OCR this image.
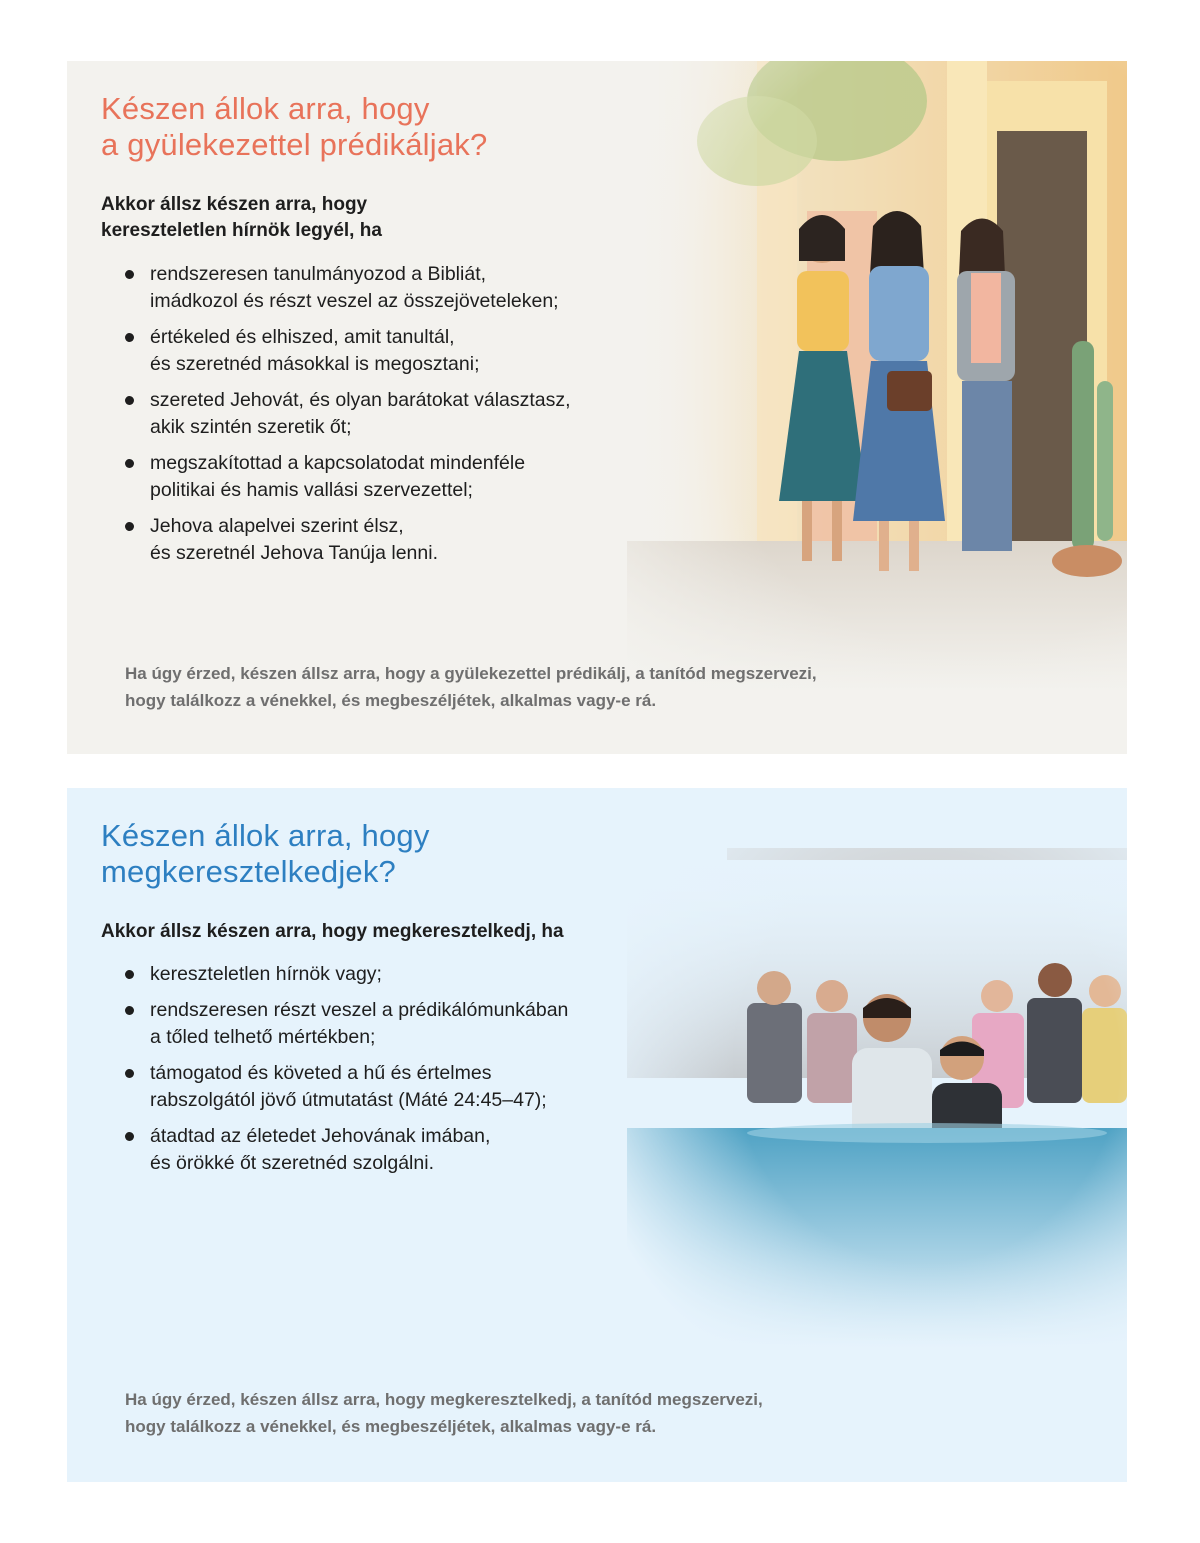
Készen állok arra, hogy
a gyülekezettel prédikáljak?

Akkor állsz készen arra, hogy
kereszteletlen hírnök legyél, ha

rendszeresen tanulmányozod a Bibliát,
imádkozol és részt veszel az összejöveteleken;
értékeled és elhiszed, amit tanultál,
és szeretnéd másokkal is megosztani;
szereted Jehovát, és olyan barátokat választasz,
akik szintén szeretik őt;
megszakítottad a kapcsolatodat mindenféle
politikai és hamis vallási szervezettel;
Jehova alapelvei szerint élsz,
és szeretnél Jehova Tanúja lenni.

Ha úgy érzed, készen állsz arra, hogy a gyülekezettel prédikálj, a tanítód megszervezi,
hogy találkozz a vénekkel, és megbeszéljétek, alkalmas vagy-e rá.

Készen állok arra, hogy
megkeresztelkedjek?

Akkor állsz készen arra, hogy megkeresztelkedj, ha

kereszteletlen hírnök vagy;
rendszeresen részt veszel a prédikálómunkában
a tőled telhető mértékben;
támogatod és követed a hű és értelmes
rabszolgától jövő útmutatást (Máté 24:45–47);
átadtad az életedet Jehovának imában,
és örökké őt szeretnéd szolgálni.

Ha úgy érzed, készen állsz arra, hogy megkeresztelkedj, a tanítód megszervezi,
hogy találkozz a vénekkel, és megbeszéljétek, alkalmas vagy-e rá.
